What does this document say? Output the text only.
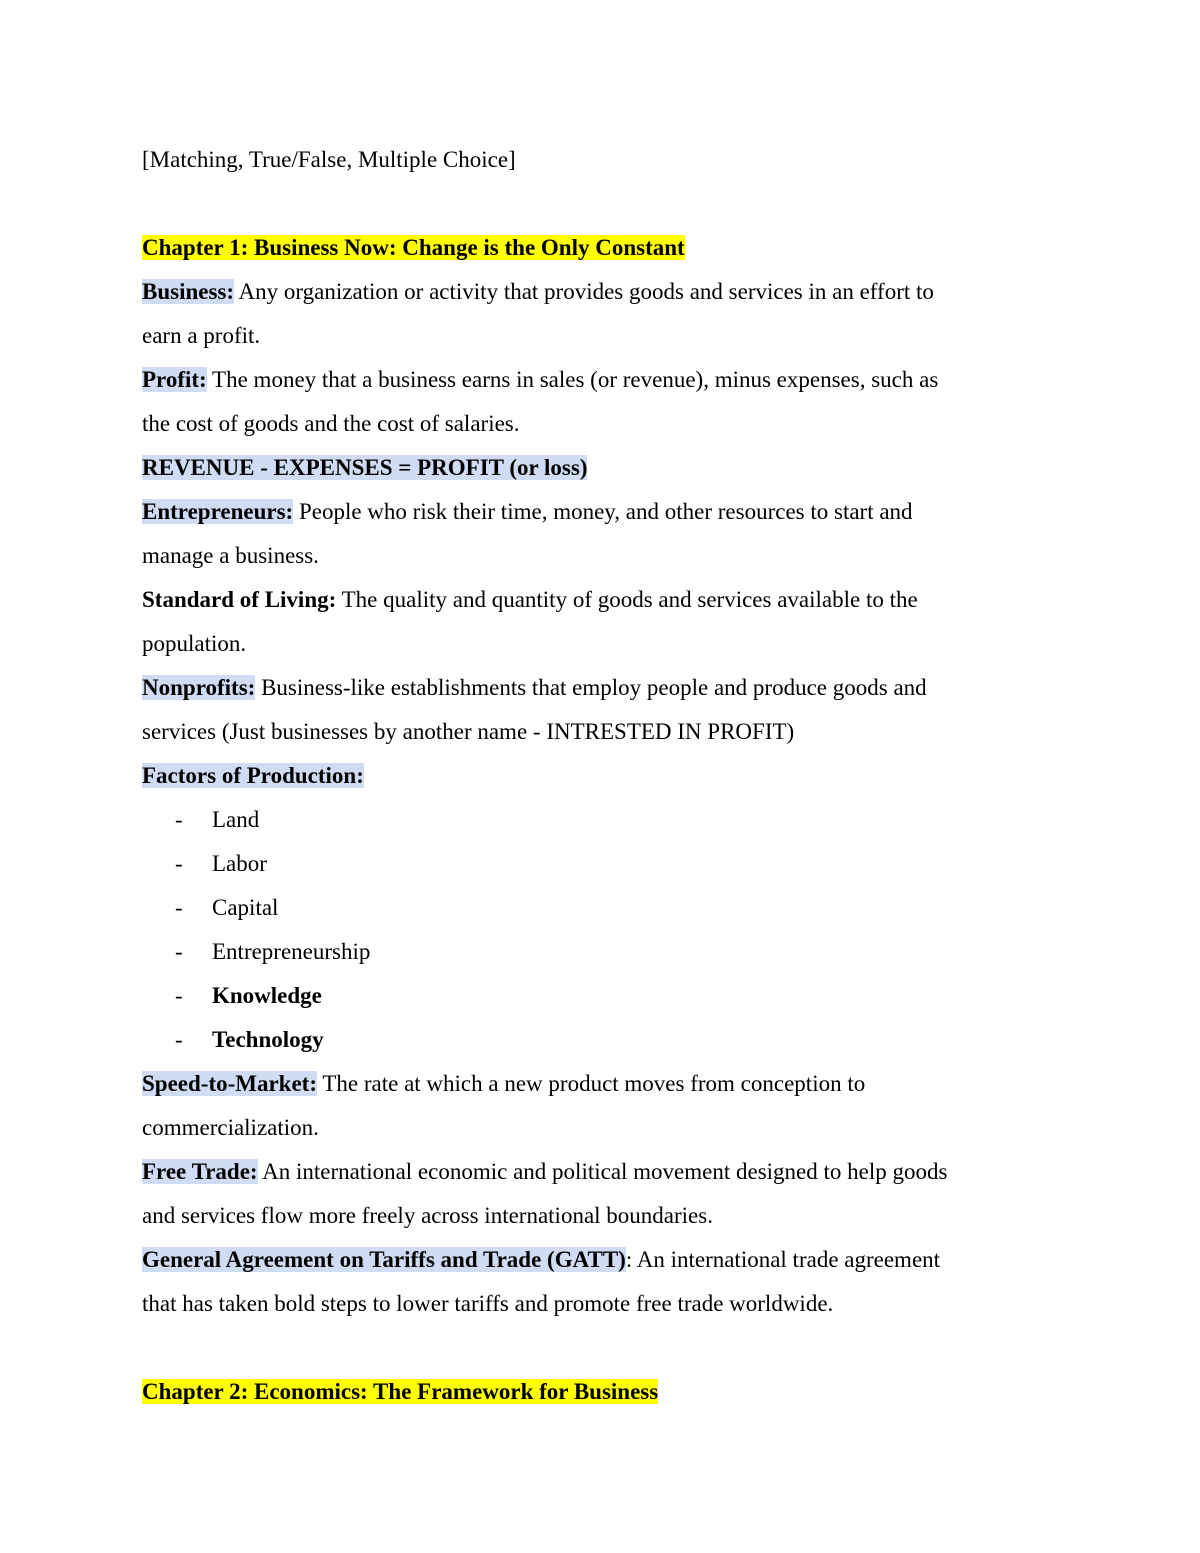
[Matching, True/False, Multiple Choice]
Chapter 1: Business Now: Change is the Only Constant
Business: Any organization or activity that provides goods and services in an effort to
earn a profit.
Profit: The money that a business earns in sales (or revenue), minus expenses, such as
the cost of goods and the cost of salaries.
REVENUE - EXPENSES = PROFIT (or loss)
Entrepreneurs: People who risk their time, money, and other resources to start and
manage a business.
Standard of Living: The quality and quantity of goods and services available to the
population.
Nonprofits: Business-like establishments that employ people and produce goods and
services (Just businesses by another name - INTRESTED IN PROFIT)
Factors of Production:
- Land
- Labor
- Capital
- Entrepreneurship
- Knowledge
- Technology
Speed-to-Market: The rate at which a new product moves from conception to
commercialization.
Free Trade: An international economic and political movement designed to help goods
and services flow more freely across international boundaries.
General Agreement on Tariffs and Trade (GATT): An international trade agreement
that has taken bold steps to lower tariffs and promote free trade worldwide.
Chapter 2: Economics: The Framework for Business
